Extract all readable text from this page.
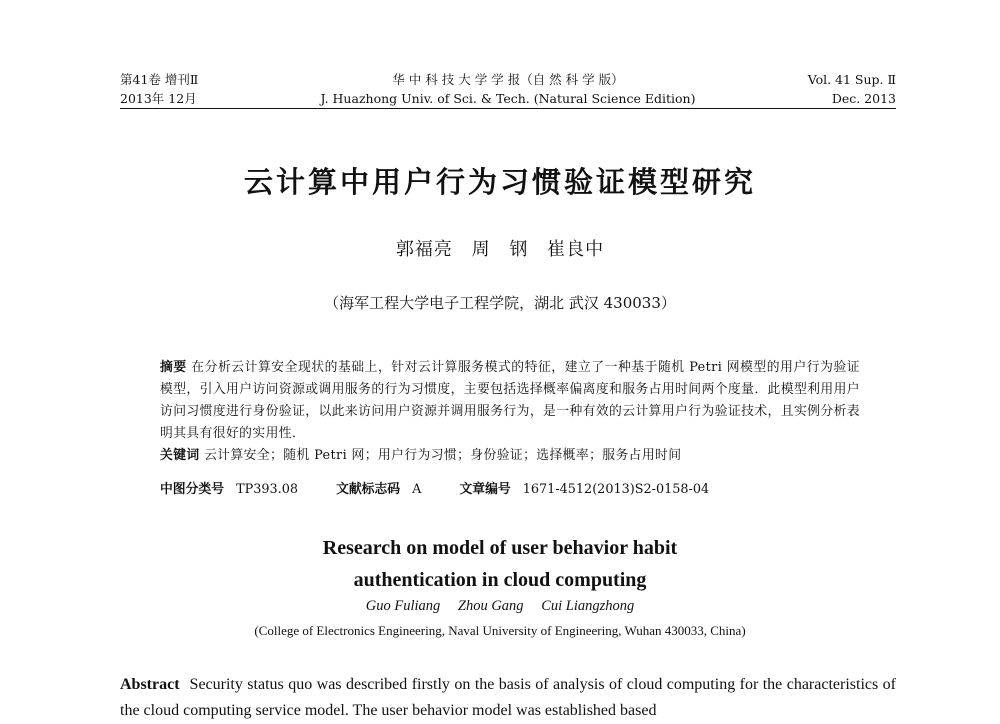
第41卷 增刊Ⅱ
2013年 12月
华 中 科 技 大 学 学 报（自 然 科 学 版）
J. Huazhong Univ. of Sci. & Tech. (Natural Science Edition)
Vol. 41 Sup. Ⅱ
Dec. 2013
云计算中用户行为习惯验证模型研究
郭福亮 周 钢 崔良中
（海军工程大学电子工程学院，湖北 武汉 430033）
摘要 在分析云计算安全现状的基础上，针对云计算服务模式的特征，建立了一种基于随机 Petri 网模型的用户行为验证模型，引入用户访问资源或调用服务的行为习惯度，主要包括选择概率偏离度和服务占用时间两个度量．此模型利用用户访问习惯度进行身份验证，以此来访问用户资源并调用服务行为，是一种有效的云计算用户行为验证技术，且实例分析表明其具有很好的实用性．
关键词 云计算安全；随机 Petri 网；用户行为习惯；身份验证；选择概率；服务占用时间
中图分类号 TP393.08	文献标志码 A	文章编号 1671-4512(2013)S2-0158-04
Research on model of user behavior habit
authentication in cloud computing
Guo Fuliang Zhou Gang Cui Liangzhong
(College of Electronics Engineering, Naval University of Engineering, Wuhan 430033, China)
Abstract Security status quo was described firstly on the basis of analysis of cloud computing for the characteristics of the cloud computing service model. The user behavior model was established based
